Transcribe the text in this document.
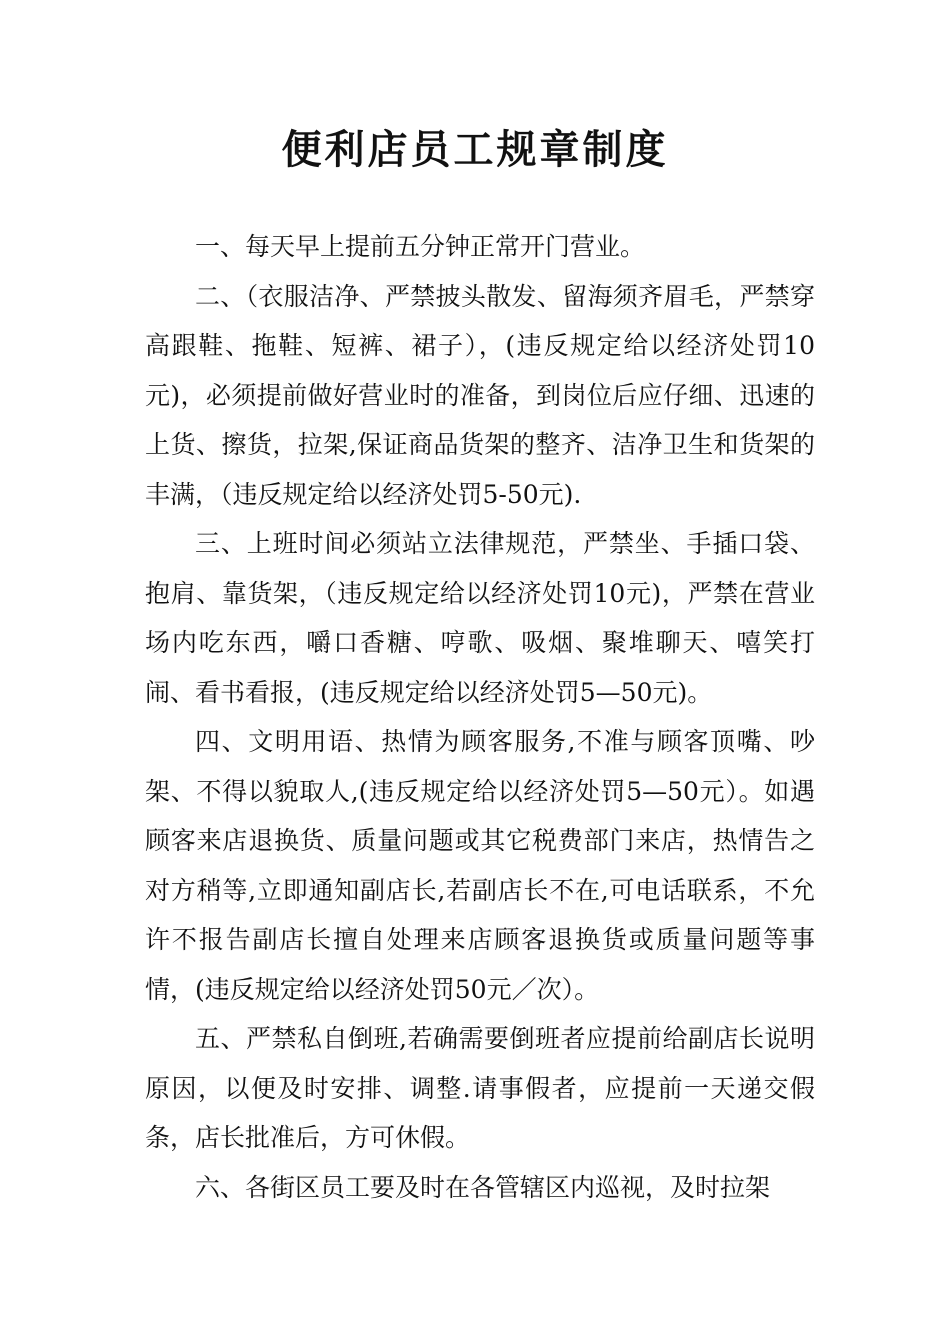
便利店员工规章制度

一、每天早上提前五分钟正常开门营业。

二、（衣服洁净、严禁披头散发、留海须齐眉毛，严禁穿高跟鞋、拖鞋、短裤、裙子），(违反规定给以经济处罚10元)，必须提前做好营业时的准备，到岗位后应仔细、迅速的上货、擦货，拉架,保证商品货架的整齐、洁净卫生和货架的丰满，（违反规定给以经济处罚5-50元).

三、上班时间必须站立法律规范，严禁坐、手插口袋、抱肩、靠货架，（违反规定给以经济处罚10元)，严禁在营业场内吃东西，嚼口香糖、哼歌、吸烟、聚堆聊天、嘻笑打闹、看书看报，(违反规定给以经济处罚5—50元)。

四、文明用语、热情为顾客服务,不准与顾客顶嘴、吵架、不得以貌取人,(违反规定给以经济处罚5—50元）。如遇顾客来店退换货、质量问题或其它税费部门来店，热情告之对方稍等,立即通知副店长,若副店长不在,可电话联系，不允许不报告副店长擅自处理来店顾客退换货或质量问题等事情，(违反规定给以经济处罚50元／次）。

五、严禁私自倒班,若确需要倒班者应提前给副店长说明原因，以便及时安排、调整.请事假者，应提前一天递交假条，店长批准后，方可休假。

六、各街区员工要及时在各管辖区内巡视，及时拉架
